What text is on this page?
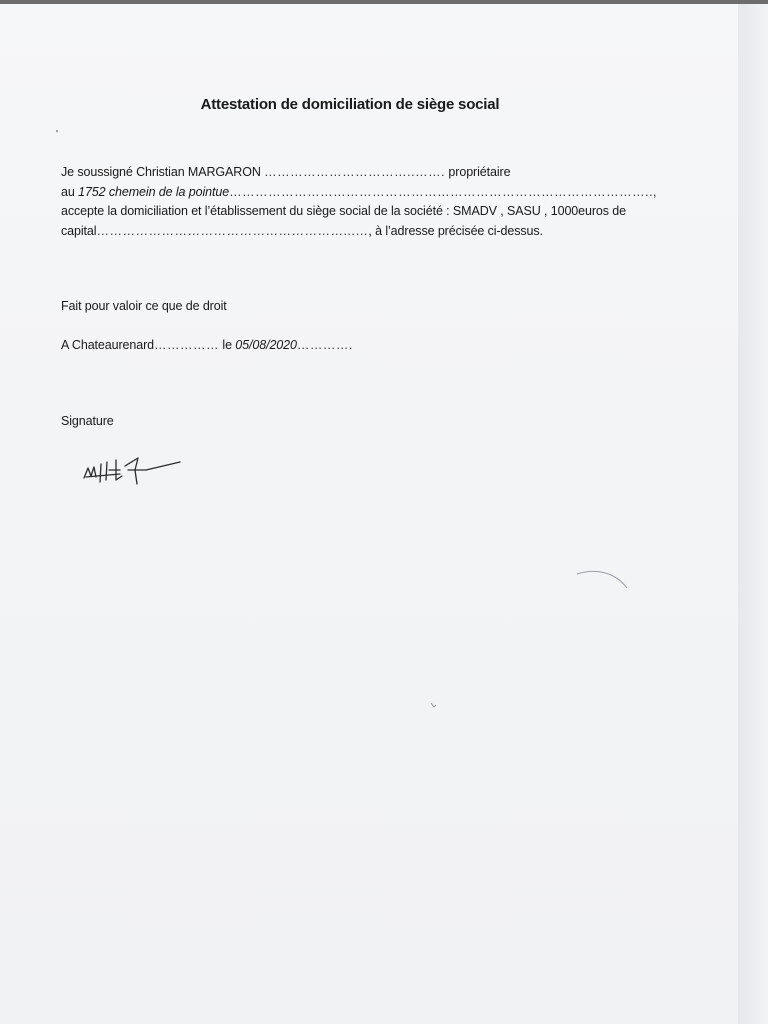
Attestation de domiciliation de siège social
'
Je soussigné Christian MARGARON ……………………………..……. propriétaire
au 1752 chemein de la pointue……………………………………………………………………………………..,
accepte la domiciliation et l’établissement du siège social de la société : SMADV , SASU , 1000euros de
capital…………………………………………………...…, à l’adresse précisée ci-dessus.
Fait pour valoir ce que de droit
A Chateaurenard…………… le 05/08/2020………….
Signature
